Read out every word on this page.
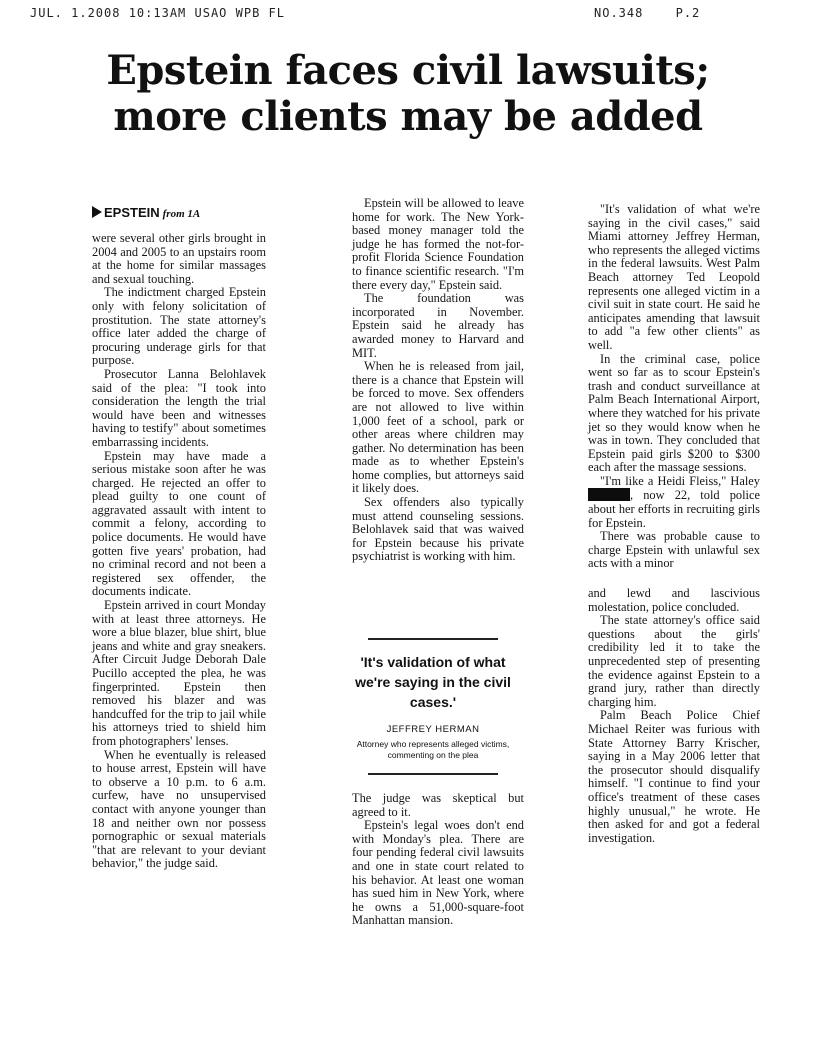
JUL. 1.2008 10:13AM USAO WPB FL	NO.348	P.2
Epstein faces civil lawsuits;
more clients may be added
EPSTEIN from 1A

were several other girls brought in 2004 and 2005 to an upstairs room at the home for similar massages and sexual touching.

The indictment charged Epstein only with felony solicitation of prostitution. The state attorney's office later added the charge of procuring underage girls for that purpose.

Prosecutor Lanna Belohlavek said of the plea: "I took into consideration the length the trial would have been and witnesses having to testify" about sometimes embarrassing incidents.

Epstein may have made a serious mistake soon after he was charged. He rejected an offer to plead guilty to one count of aggravated assault with intent to commit a felony, according to police documents. He would have gotten five years' probation, had no criminal record and not been a registered sex offender, the documents indicate.

Epstein arrived in court Monday with at least three attorneys. He wore a blue blazer, blue shirt, blue jeans and white and gray sneakers. After Circuit Judge Deborah Dale Pucillo accepted the plea, he was fingerprinted. Epstein then removed his blazer and was handcuffed for the trip to jail while his attorneys tried to shield him from photographers' lenses.

When he eventually is released to house arrest, Epstein will have to observe a 10 p.m. to 6 a.m. curfew, have no unsupervised contact with anyone younger than 18 and neither own nor possess pornographic or sexual materials "that are relevant to your deviant behavior," the judge said.

Epstein will be allowed to leave home for work. The New York-based money manager told the judge he has formed the not-for-profit Florida Science Foundation to finance scientific research. "I'm there every day," Epstein said.

The foundation was incorporated in November. Epstein said he already has awarded money to Harvard and MIT.

When he is released from jail, there is a chance that Epstein will be forced to move. Sex offenders are not allowed to live within 1,000 feet of a school, park or other areas where children may gather. No determination has been made as to whether Epstein's home complies, but attorneys said it likely does.

Sex offenders also typically must attend counseling sessions. Belohlavek said that was waived for Epstein because his private psychiatrist is working with him.

'It's validation of what we're saying in the civil cases.'
JEFFREY HERMAN
Attorney who represents alleged victims, commenting on the plea

The judge was skeptical but agreed to it.

Epstein's legal woes don't end with Monday's plea. There are four pending federal civil lawsuits and one in state court related to his behavior. At least one woman has sued him in New York, where he owns a 51,000-square-foot Manhattan mansion.

"It's validation of what we're saying in the civil cases," said Miami attorney Jeffrey Herman, who represents the alleged victims in the federal lawsuits. West Palm Beach attorney Ted Leopold represents one alleged victim in a civil suit in state court. He said he anticipates amending that lawsuit to add "a few other clients" as well.

In the criminal case, police went so far as to scour Epstein's trash and conduct surveillance at Palm Beach International Airport, where they watched for his private jet so they would know when he was in town. They concluded that Epstein paid girls $200 to $300 each after the massage sessions.

"I'm like a Heidi Fleiss," Haley , now 22, told police about her efforts in recruiting girls for Epstein.

There was probable cause to charge Epstein with unlawful sex acts with a minor

and lewd and lascivious molestation, police concluded.

The state attorney's office said questions about the girls' credibility led it to take the unprecedented step of presenting the evidence against Epstein to a grand jury, rather than directly charging him.

Palm Beach Police Chief Michael Reiter was furious with State Attorney Barry Krischer, saying in a May 2006 letter that the prosecutor should disqualify himself. "I continue to find your office's treatment of these cases highly unusual," he wrote. He then asked for and got a federal investigation.
